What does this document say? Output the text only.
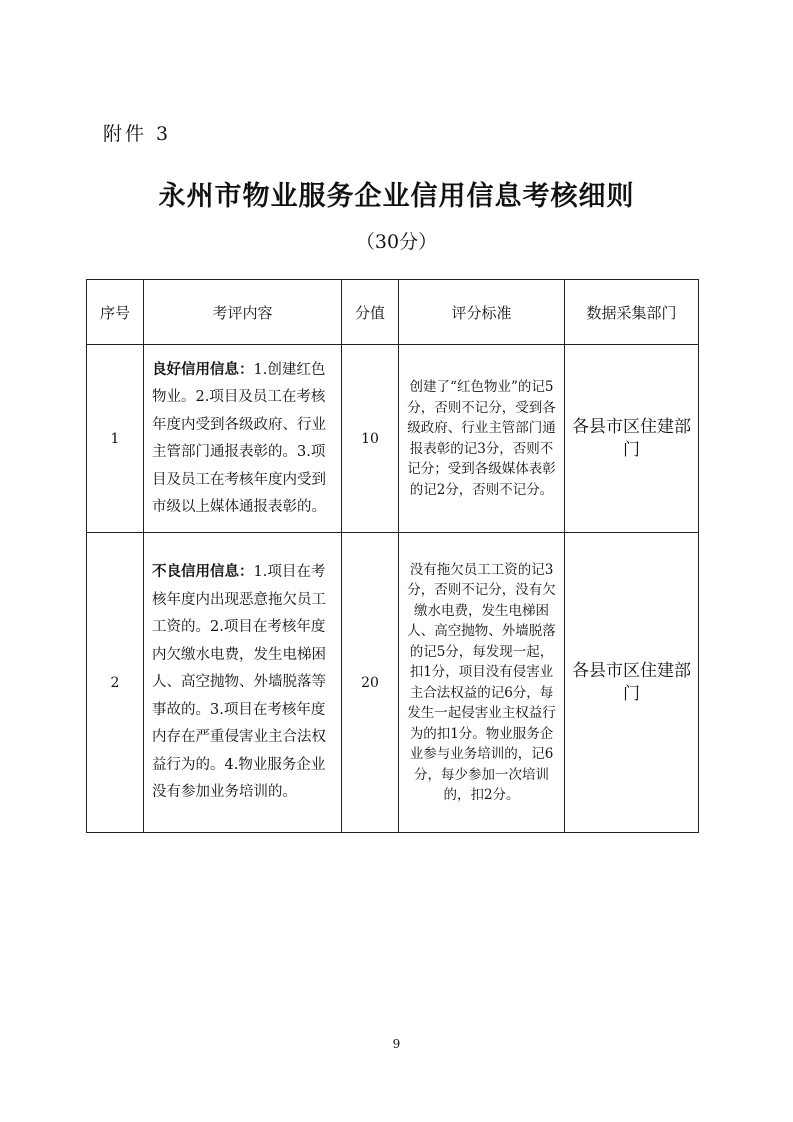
附件 3
永州市物业服务企业信用信息考核细则
（30分）
序号	考评内容	分值	评分标准	数据采集部门
1	良好信用信息：1.创建红色物业。2.项目及员工在考核年度内受到各级政府、行业主管部门通报表彰的。3.项目及员工在考核年度内受到市级以上媒体通报表彰的。	10	创建了“红色物业”的记5分，否则不记分，受到各级政府、行业主管部门通报表彰的记3分，否则不记分；受到各级媒体表彰的记2分，否则不记分。	各县市区住建部门
2	不良信用信息：1.项目在考核年度内出现恶意拖欠员工工资的。2.项目在考核年度内欠缴水电费，发生电梯困人、高空抛物、外墙脱落等事故的。3.项目在考核年度内存在严重侵害业主合法权益行为的。4.物业服务企业没有参加业务培训的。	20	没有拖欠员工工资的记3分，否则不记分，没有欠缴水电费，发生电梯困人、高空抛物、外墙脱落的记5分，每发现一起，扣1分，项目没有侵害业主合法权益的记6分，每发生一起侵害业主权益行为的扣1分。物业服务企业参与业务培训的，记6分，每少参加一次培训的，扣2分。	各县市区住建部门
9
